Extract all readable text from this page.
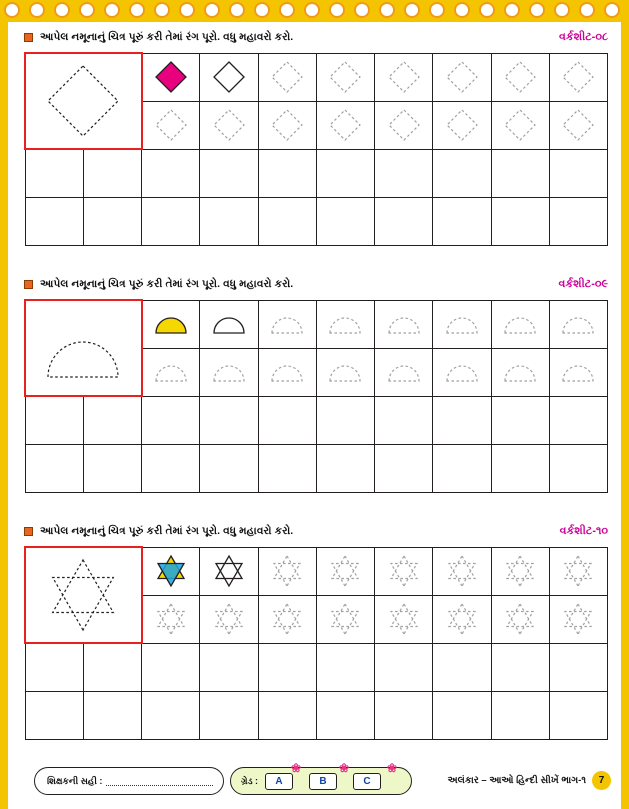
આપેલ નમૂનાનું ચિત્ર પૂરું કરી તેમાં રંગ પૂરો. વધુ મહાવરો કરો.	વર્કશીટ-૦૮

આપેલ નમૂનાનું ચિત્ર પૂરું કરી તેમાં રંગ પૂરો. વધુ મહાવરો કરો.	વર્કશીટ-૦૯

આપેલ નમૂનાનું ચિત્ર પૂરું કરી તેમાં રંગ પૂરો. વધુ મહાવરો કરો.	વર્કશીટ-૧૦

શિક્ષકની સહી :
❀	❀	❀
ગ્રેડ :	A	B	C	અલંકાર – આઓ હિન્દી સીખેં ભાગ-૧	7
